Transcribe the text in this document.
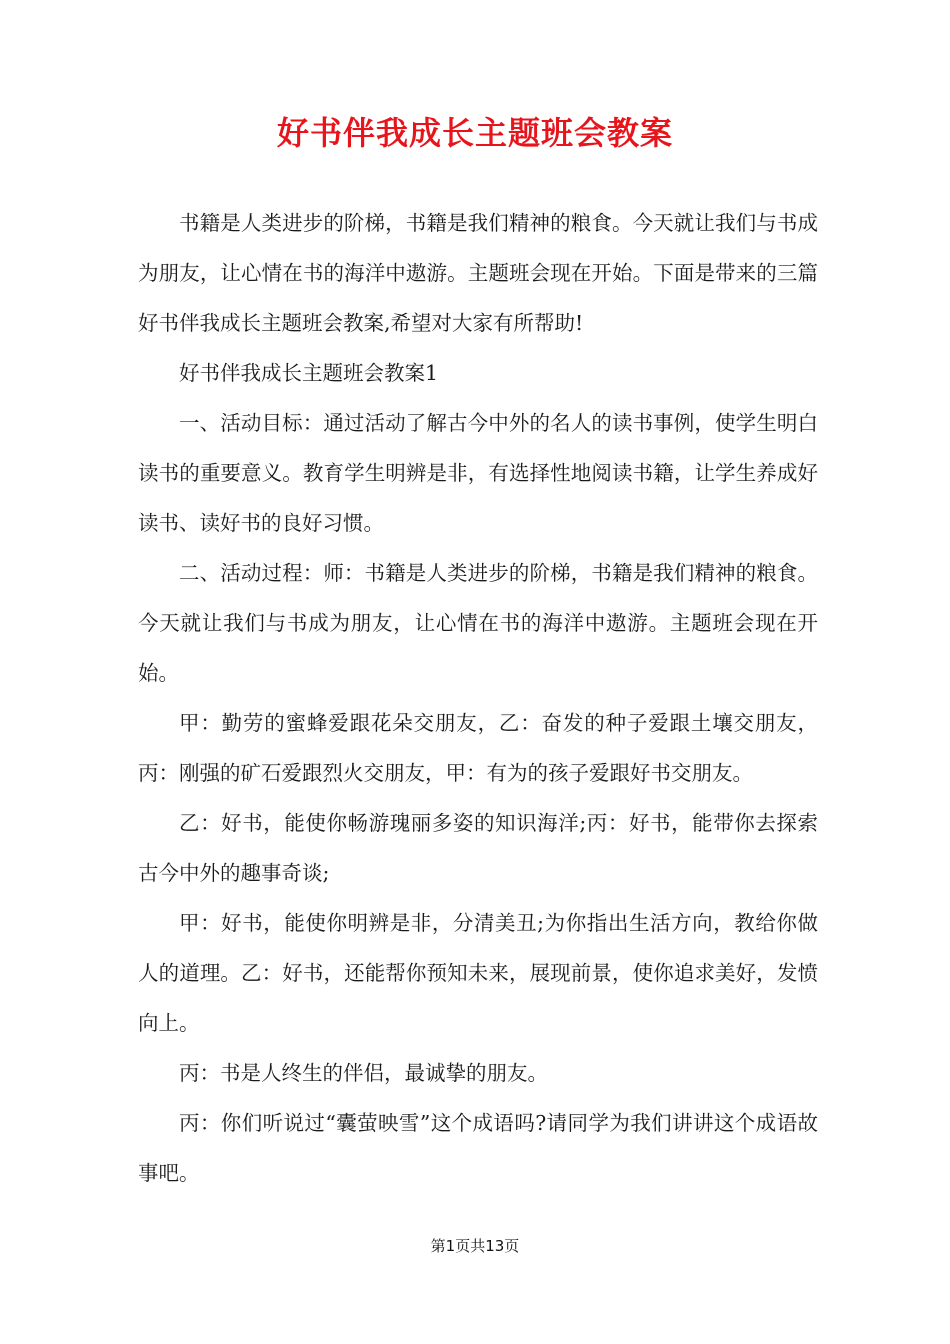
好书伴我成长主题班会教案

书籍是人类进步的阶梯，书籍是我们精神的粮食。今天就让我们与书成为朋友，让心情在书的海洋中遨游。主题班会现在开始。下面是带来的三篇好书伴我成长主题班会教案,希望对大家有所帮助!

好书伴我成长主题班会教案1

一、活动目标：通过活动了解古今中外的名人的读书事例，使学生明白读书的重要意义。教育学生明辨是非，有选择性地阅读书籍，让学生养成好读书、读好书的良好习惯。

二、活动过程：师：书籍是人类进步的阶梯，书籍是我们精神的粮食。今天就让我们与书成为朋友，让心情在书的海洋中遨游。主题班会现在开始。

甲：勤劳的蜜蜂爱跟花朵交朋友，乙：奋发的种子爱跟土壤交朋友，丙：刚强的矿石爱跟烈火交朋友，甲：有为的孩子爱跟好书交朋友。

乙：好书，能使你畅游瑰丽多姿的知识海洋;丙：好书，能带你去探索古今中外的趣事奇谈;

甲：好书，能使你明辨是非，分清美丑;为你指出生活方向，教给你做人的道理。乙：好书，还能帮你预知未来，展现前景，使你追求美好，发愤向上。

丙：书是人终生的伴侣，最诚挚的朋友。

丙：你们听说过“囊萤映雪”这个成语吗?请同学为我们讲讲这个成语故事吧。

第1页共13页
